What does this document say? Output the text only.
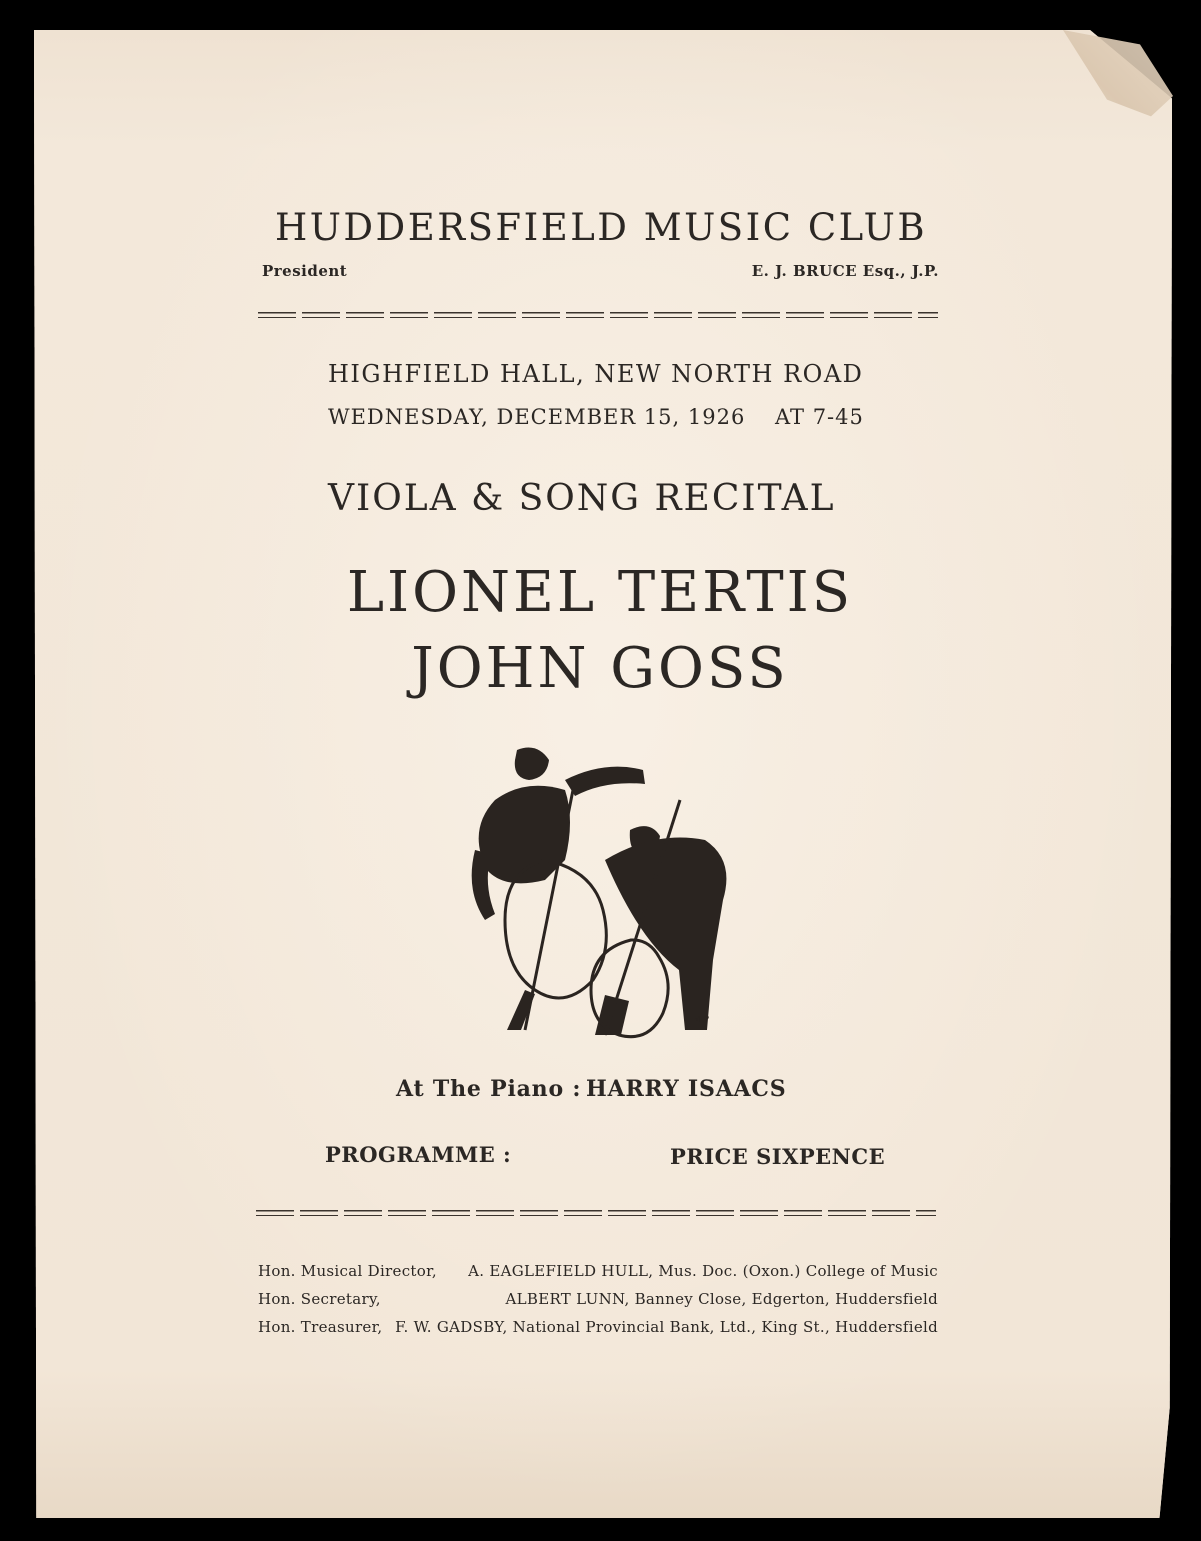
HUDDERSFIELD MUSIC CLUB
President	E. J. BRUCE Esq., J.P.
HIGHFIELD HALL, NEW NORTH ROAD
WEDNESDAY, DECEMBER 15, 1926 AT 7-45
VIOLA & SONG RECITAL
LIONEL TERTIS
JOHN GOSS
M.P
At The Piano : HARRY ISAACS
PROGRAMME :	PRICE SIXPENCE
Hon. Musical Director, A. EAGLEFIELD HULL, Mus. Doc. (Oxon.) College of Music
Hon. Secretary,	ALBERT LUNN, Banney Close, Edgerton, Huddersfield
Hon. Treasurer, F. W. GADSBY, National Provincial Bank, Ltd., King St., Huddersfield
